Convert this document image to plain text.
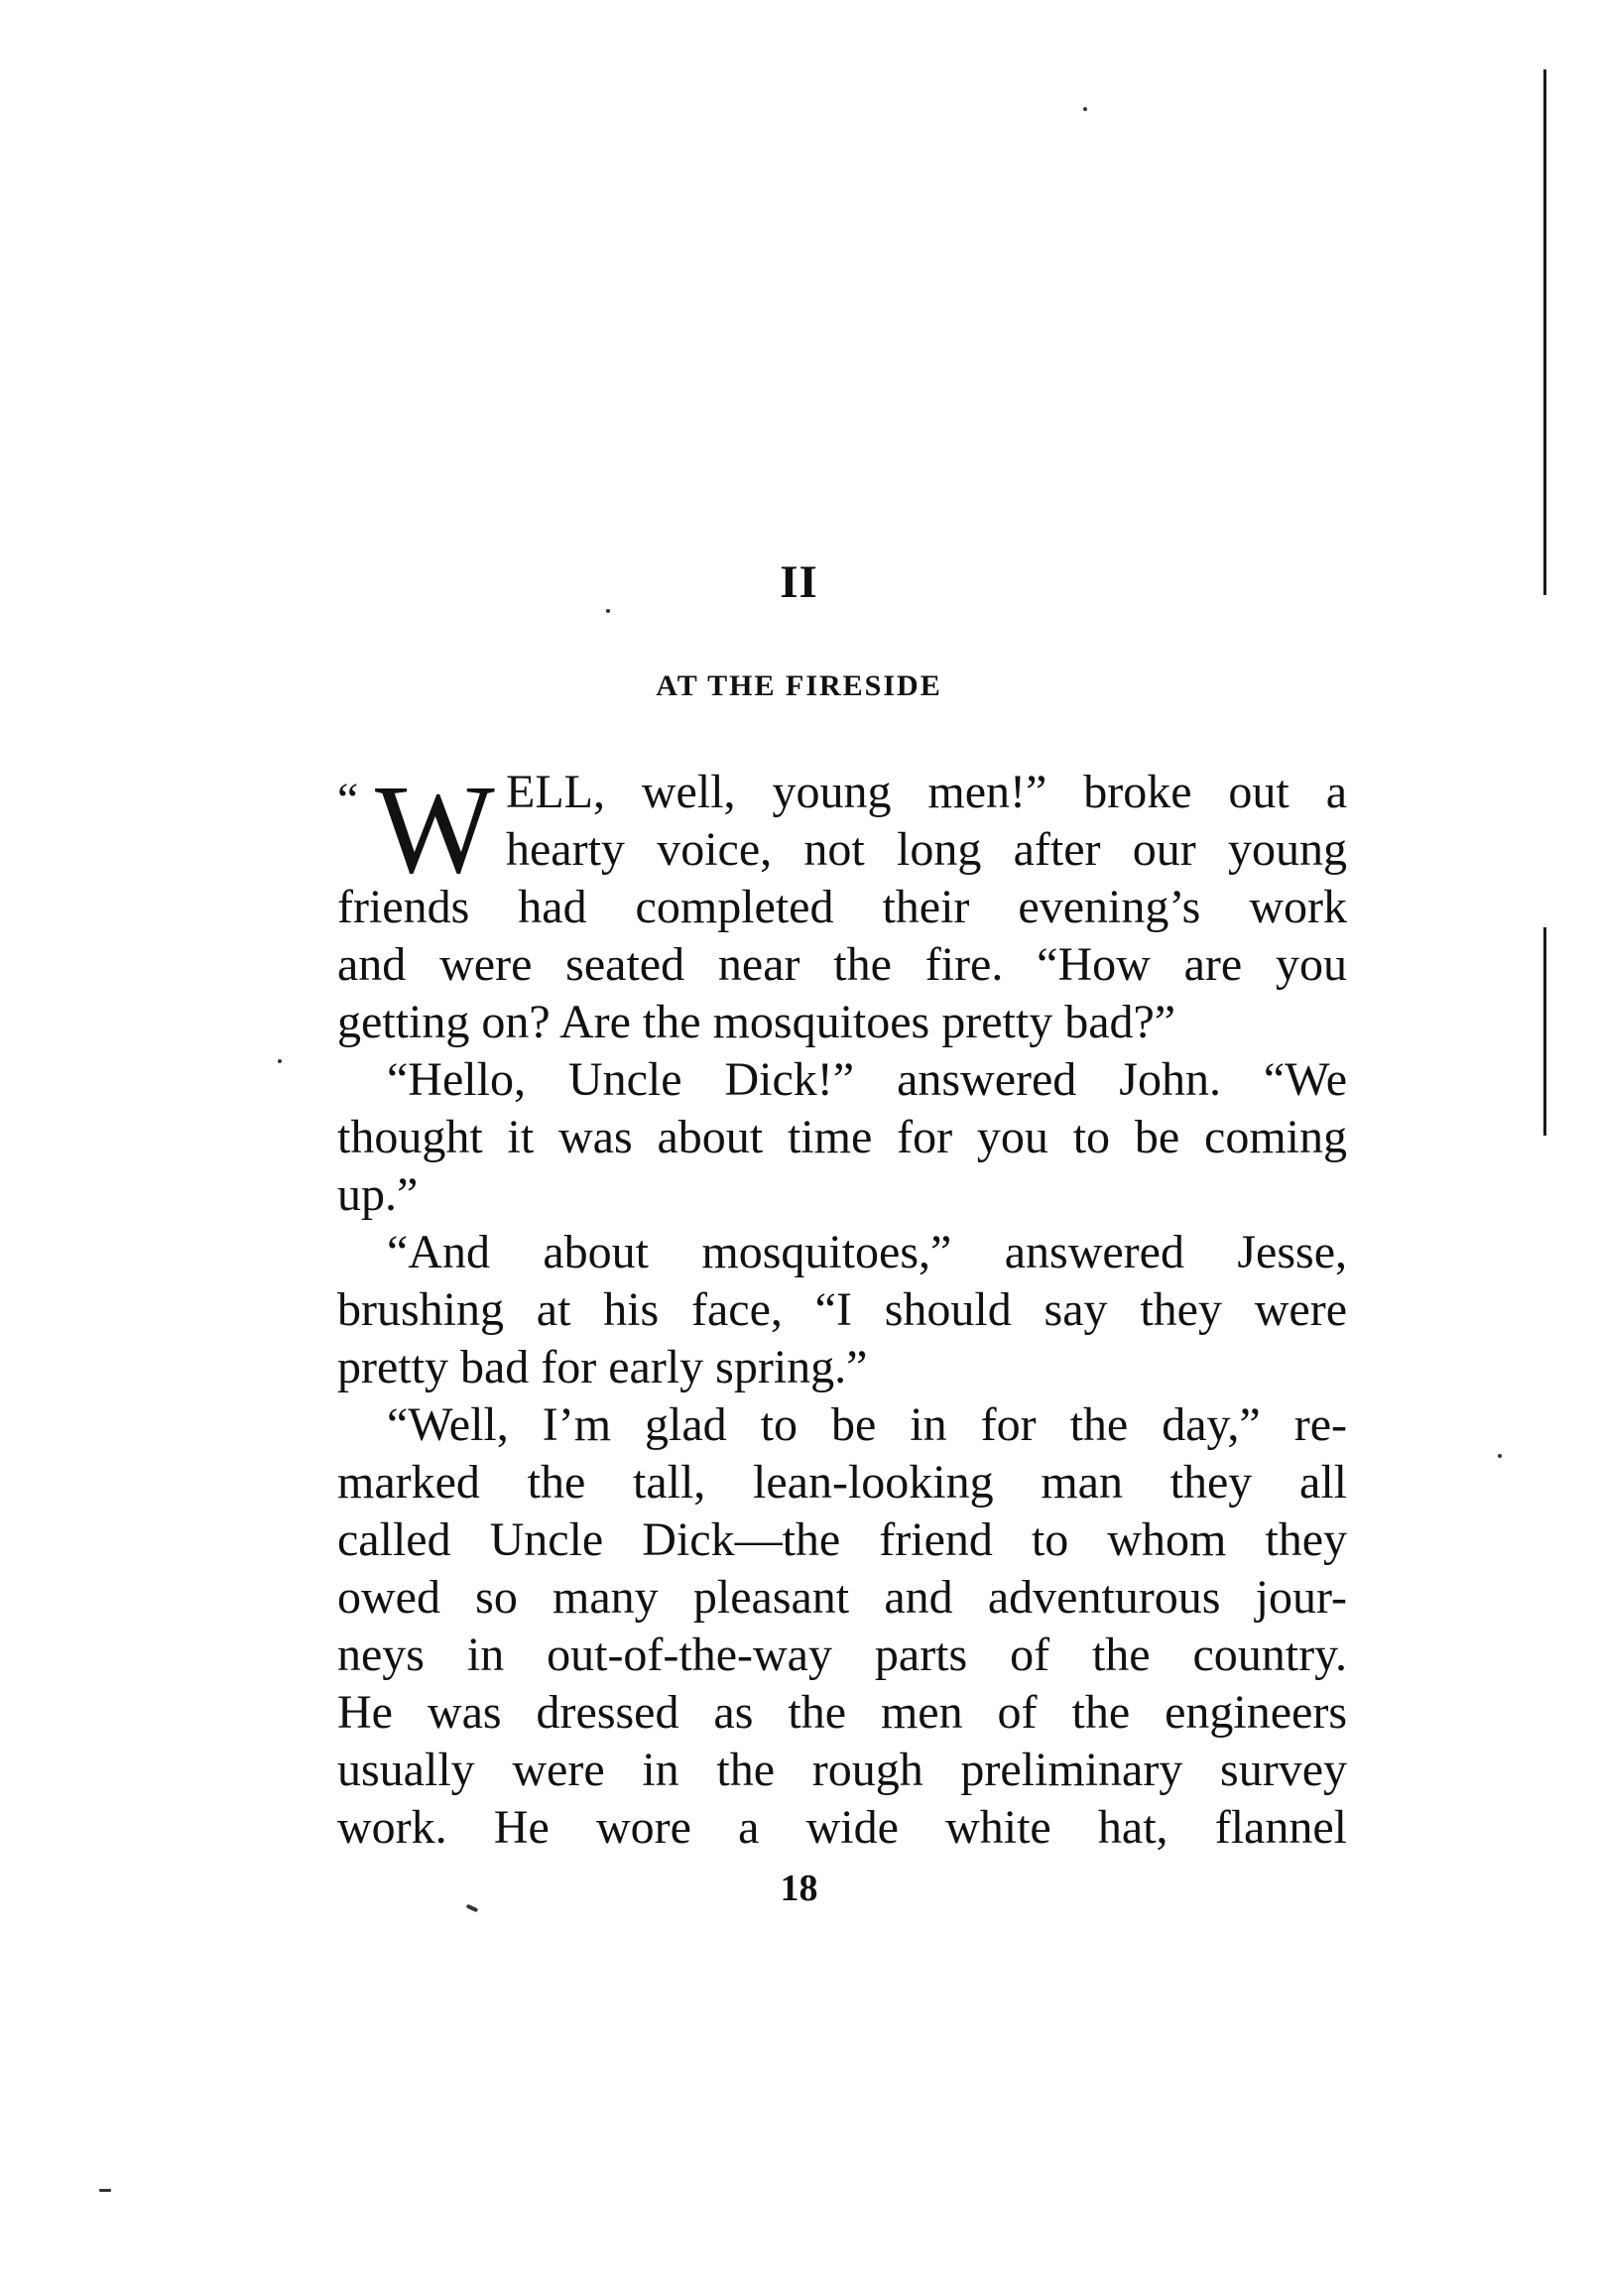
II
AT THE FIRESIDE
“ W ELL, well, young men!” broke out a
hearty voice, not long after our young
friends had completed their evening’s work
and were seated near the fire. “How are you
getting on? Are the mosquitoes pretty bad?”
“Hello, Uncle Dick!” answered John. “We
thought it was about time for you to be coming
up.”
“And about mosquitoes,” answered Jesse,
brushing at his face, “I should say they were
pretty bad for early spring.”
“Well, I’m glad to be in for the day,” re-
marked the tall, lean-looking man they all
called Uncle Dick—the friend to whom they
owed so many pleasant and adventurous jour-
neys in out-of-the-way parts of the country.
He was dressed as the men of the engineers
usually were in the rough preliminary survey
work. He wore a wide white hat, flannel

18
